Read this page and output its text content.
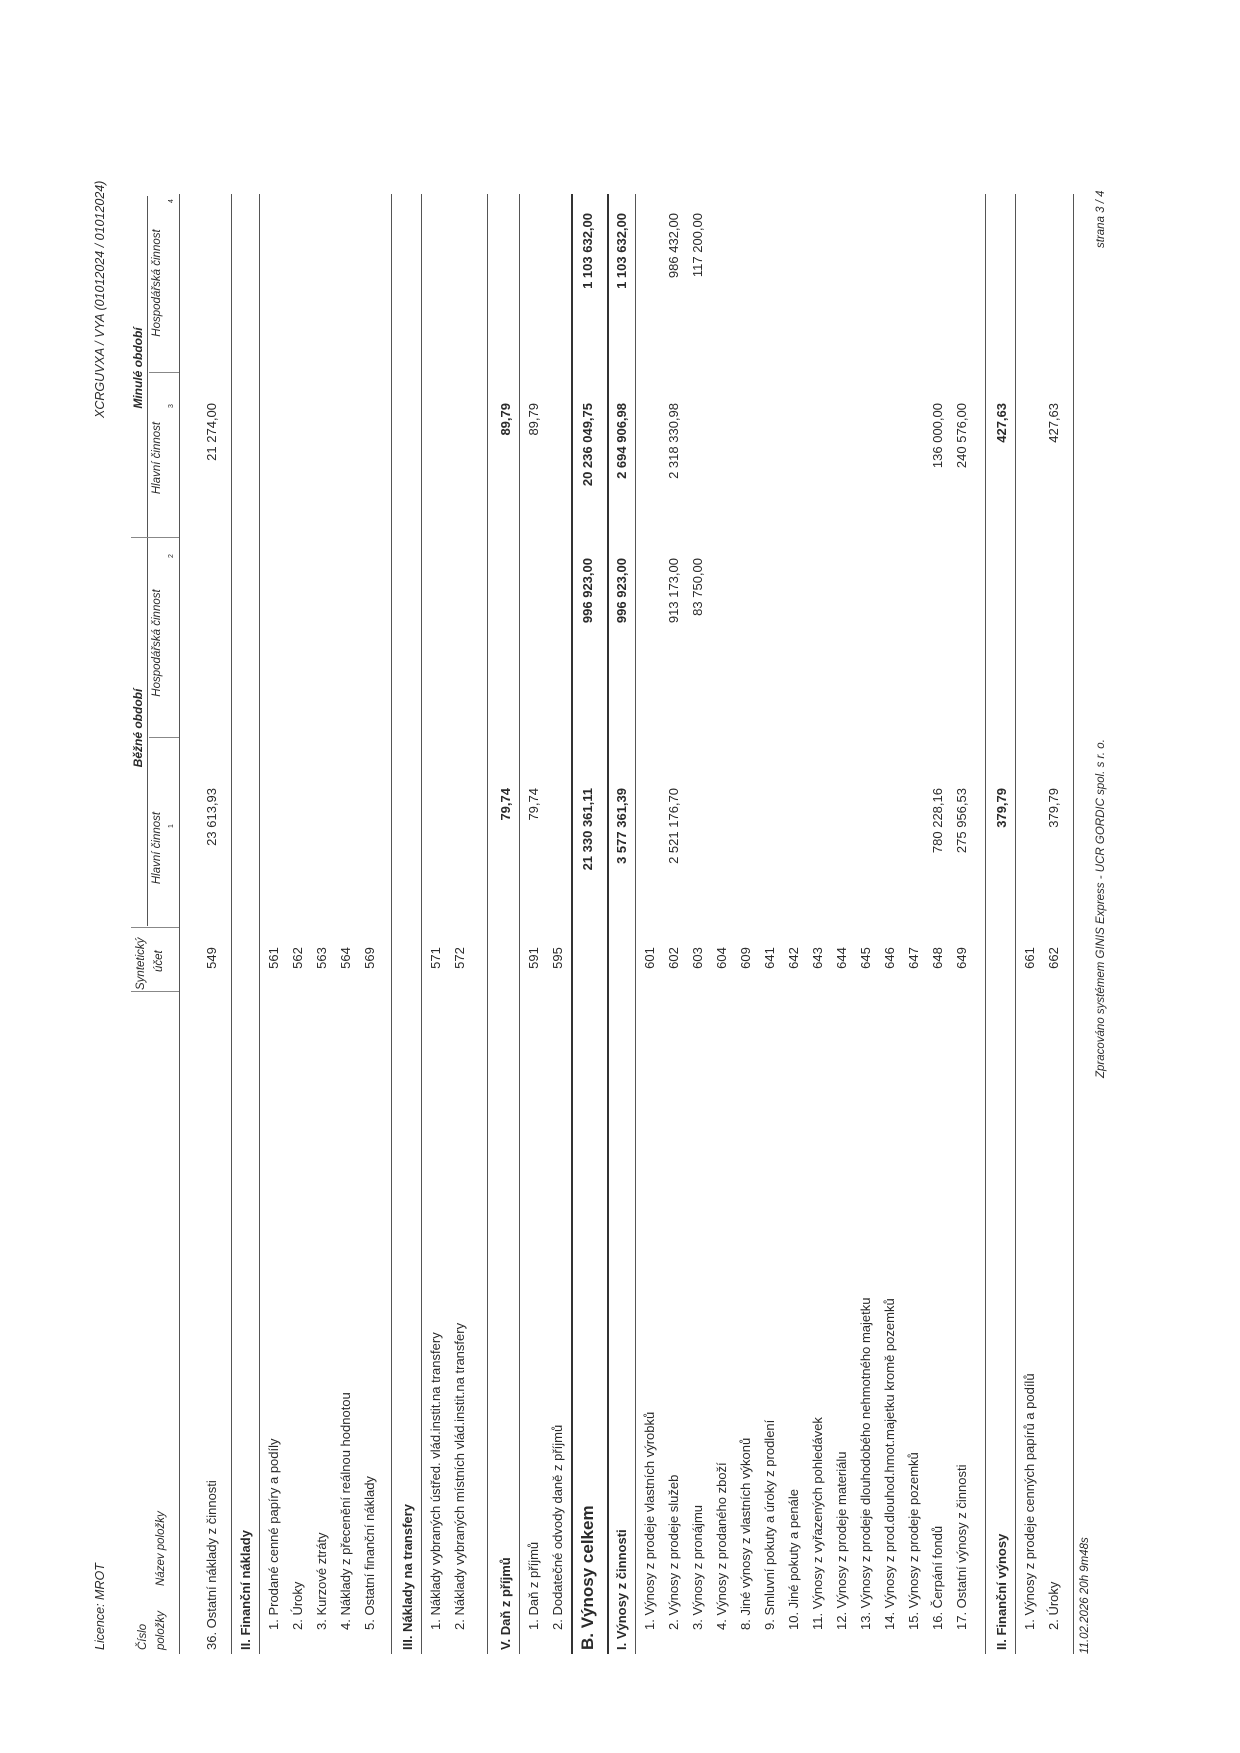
Licence: MROT
XCRGUVXA / VYA (01012024 / 01012024)
Číslo položky
Název položky
Syntetický účet
Běžné období
Minulé období
Hlavní činnost
Hospodářská činnost
Hlavní činnost
Hospodářská činnost
1
2
3
4
36. Ostatní náklady z činnosti
549
23 613,93
21 274,00
II. Finanční náklady 1. Prodané cenné papíry a podíly
561
2. Úroky
562
3. Kurzové ztráty
563
4. Náklady z přecenění reálnou hodnotou
564
5. Ostatní finanční náklady
569
III. Náklady na transfery 1. Náklady vybraných ústřed. vlád.instit.na transfery
571
2. Náklady vybraných místních vlád.instit.na transfery
572
V. Daň z příjmů
79,74
89,79
1. Daň z příjmů
591
79,74
89,79
2. Dodatečné odvody daně z příjmů
595
B. Výnosy celkem
21 330 361,11
996 923,00
20 236 049,75
1 103 632,00
I. Výnosy z činnosti
3 577 361,39
996 923,00
2 694 906,98
1 103 632,00
1. Výnosy z prodeje vlastních výrobků
601
2. Výnosy z prodeje služeb
602
2 521 176,70
913 173,00
2 318 330,98
986 432,00
3. Výnosy z pronájmu
603
83 750,00
117 200,00
4. Výnosy z prodaného zboží
604
8. Jiné výnosy z vlastních výkonů
609
9. Smluvní pokuty a úroky z prodlení
641
10. Jiné pokuty a penále
642
11. Výnosy z vyřazených pohledávek
643
12. Výnosy z prodeje materiálu
644
13. Výnosy z prodeje dlouhodobého nehmotného majetku
645
14. Výnosy z prod.dlouhod.hmot.majetku kromě pozemků
646
15. Výnosy z prodeje pozemků
647
16. Čerpání fondů
648
780 228,16
136 000,00
17. Ostatní výnosy z činnosti
649
275 956,53
240 576,00
II. Finanční výnosy
379,79
427,63
1. Výnosy z prodeje cenných papírů a podílů
661
2. Úroky
662
379,79
427,63
11.02.2026 20h 9m48s
Zpracováno systémem GINIS Express - UCR GORDIC spol. s r. o.
strana 3 / 4
